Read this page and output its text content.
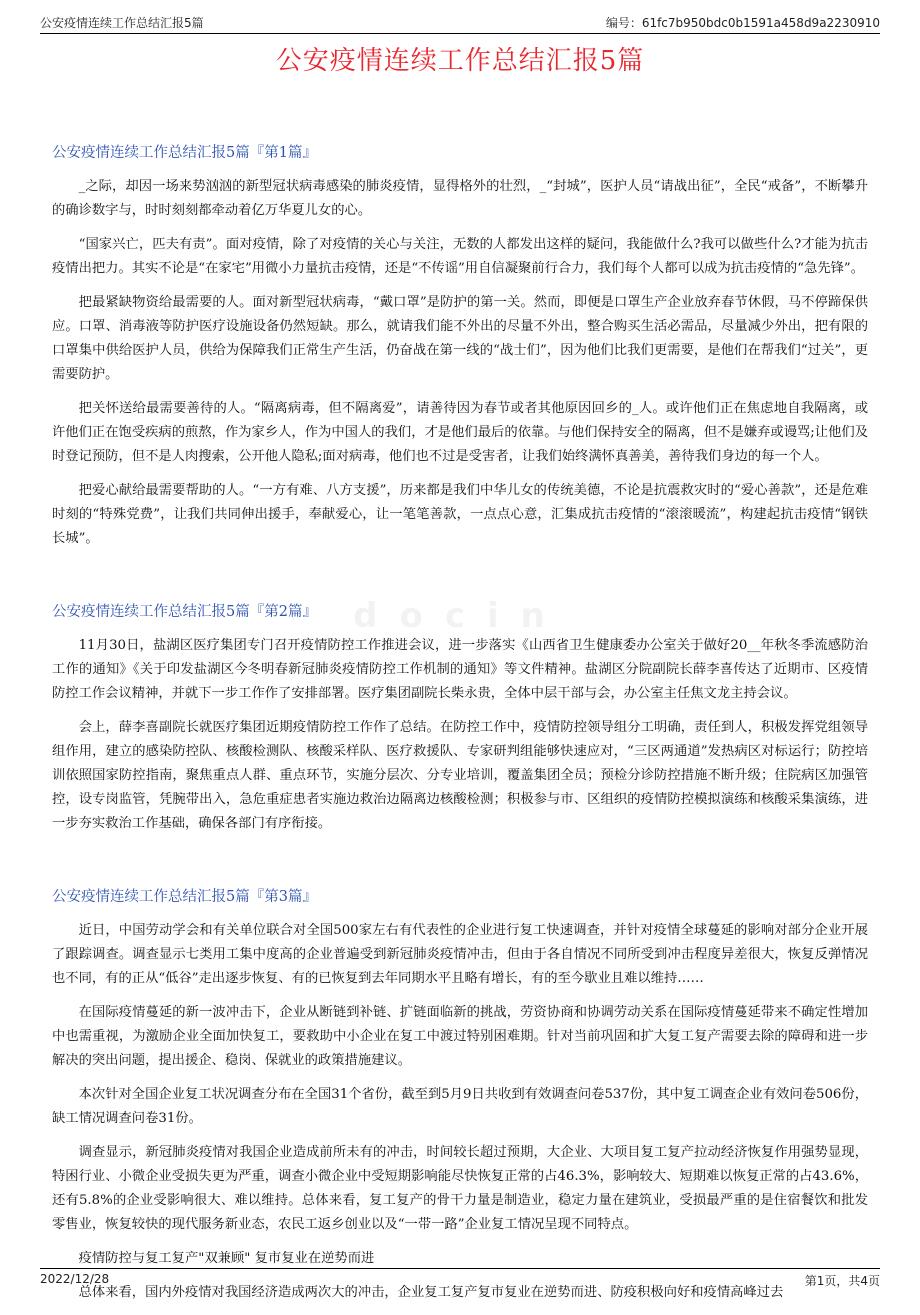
公安疫情连续工作总结汇报5篇	编号：61fc7b950bdc0b1591a458d9a2230910
公安疫情连续工作总结汇报5篇
docin
公安疫情连续工作总结汇报5篇『第1篇』

_之际，却因一场来势汹汹的新型冠状病毒感染的肺炎疫情，显得格外的壮烈，_“封城”，医护人员“请战出征”，全民“戒备”，不断攀升的确诊数字与，时时刻刻都牵动着亿万华夏儿女的心。

“国家兴亡，匹夫有责”。面对疫情，除了对疫情的关心与关注，无数的人都发出这样的疑问，我能做什么?我可以做些什么?才能为抗击疫情出把力。其实不论是“在家宅”用微小力量抗击疫情，还是“不传谣”用自信凝聚前行合力，我们每个人都可以成为抗击疫情的“急先锋”。

把最紧缺物资给最需要的人。面对新型冠状病毒，“戴口罩”是防护的第一关。然而，即便是口罩生产企业放弃春节休假，马不停蹄保供应。口罩、消毒液等防护医疗设施设备仍然短缺。那么，就请我们能不外出的尽量不外出，整合购买生活必需品，尽量减少外出，把有限的口罩集中供给医护人员，供给为保障我们正常生产生活，仍奋战在第一线的“战士们”，因为他们比我们更需要，是他们在帮我们“过关”，更需要防护。

把关怀送给最需要善待的人。“隔离病毒，但不隔离爱”，请善待因为春节或者其他原因回乡的_人。或许他们正在焦虑地自我隔离，或许他们正在饱受疾病的煎熬，作为家乡人，作为中国人的我们，才是他们最后的依靠。与他们保持安全的隔离，但不是嫌弃或谩骂;让他们及时登记预防，但不是人肉搜索，公开他人隐私;面对病毒，他们也不过是受害者，让我们始终满怀真善美，善待我们身边的每一个人。

把爱心献给最需要帮助的人。“一方有难、八方支援”，历来都是我们中华儿女的传统美德，不论是抗震救灾时的“爱心善款”，还是危难时刻的“特殊党费”，让我们共同伸出援手，奉献爱心，让一笔笔善款，一点点心意，汇集成抗击疫情的“滚滚暖流”，构建起抗击疫情“钢铁长城”。

公安疫情连续工作总结汇报5篇『第2篇』

11月30日，盐湖区医疗集团专门召开疫情防控工作推进会议，进一步落实《山西省卫生健康委办公室关于做好20__年秋冬季流感防治工作的通知》《关于印发盐湖区今冬明春新冠肺炎疫情防控工作机制的通知》等文件精神。盐湖区分院副院长薛李喜传达了近期市、区疫情防控工作会议精神，并就下一步工作作了安排部署。医疗集团副院长柴永贵，全体中层干部与会，办公室主任焦文龙主持会议。

会上，薛李喜副院长就医疗集团近期疫情防控工作作了总结。在防控工作中，疫情防控领导组分工明确，责任到人，积极发挥党组领导组作用，建立的感染防控队、核酸检测队、核酸采样队、医疗救援队、专家研判组能够快速应对，“三区两通道”发热病区对标运行；防控培训依照国家防控指南，聚焦重点人群、重点环节，实施分层次、分专业培训，覆盖集团全员；预检分诊防控措施不断升级；住院病区加强管控，设专岗监管，凭腕带出入，急危重症患者实施边救治边隔离边核酸检测；积极参与市、区组织的疫情防控模拟演练和核酸采集演练，进一步夯实救治工作基础，确保各部门有序衔接。

公安疫情连续工作总结汇报5篇『第3篇』

近日，中国劳动学会和有关单位联合对全国500家左右有代表性的企业进行复工快速调查，并针对疫情全球蔓延的影响对部分企业开展了跟踪调查。调查显示七类用工集中度高的企业普遍受到新冠肺炎疫情冲击，但由于各自情况不同所受到冲击程度异差很大，恢复反弹情况也不同，有的正从“低谷”走出逐步恢复、有的已恢复到去年同期水平且略有增长，有的至今歇业且难以维持……

在国际疫情蔓延的新一波冲击下，企业从断链到补链、扩链面临新的挑战，劳资协商和协调劳动关系在国际疫情蔓延带来不确定性增加中也需重视，为激励企业全面加快复工，要救助中小企业在复工中渡过特别困难期。针对当前巩固和扩大复工复产需要去除的障碍和进一步解决的突出问题，提出援企、稳岗、保就业的政策措施建议。

本次针对全国企业复工状况调查分布在全国31个省份，截至到5月9日共收到有效调查问卷537份，其中复工调查企业有效问卷506份，缺工情况调查问卷31份。

调查显示，新冠肺炎疫情对我国企业造成前所未有的冲击，时间较长超过预期，大企业、大项目复工复产拉动经济恢复作用强势显现，特困行业、小微企业受损失更为严重，调查小微企业中受短期影响能尽快恢复正常的占46.3%，影响较大、短期难以恢复正常的占43.6%，还有5.8%的企业受影响很大、难以维持。总体来看，复工复产的骨干力量是制造业，稳定力量在建筑业，受损最严重的是住宿餐饮和批发零售业，恢复较快的现代服务新业态，农民工返乡创业以及“一带一路”企业复工情况呈现不同特点。

疫情防控与复工复产"双兼顾" 复市复业在逆势而进

总体来看，国内外疫情对我国经济造成两次大的冲击，企业复工复产复市复业在逆势而进、防疫积极向好和疫情高峰过去

2022/12/28	第1页，共4页
